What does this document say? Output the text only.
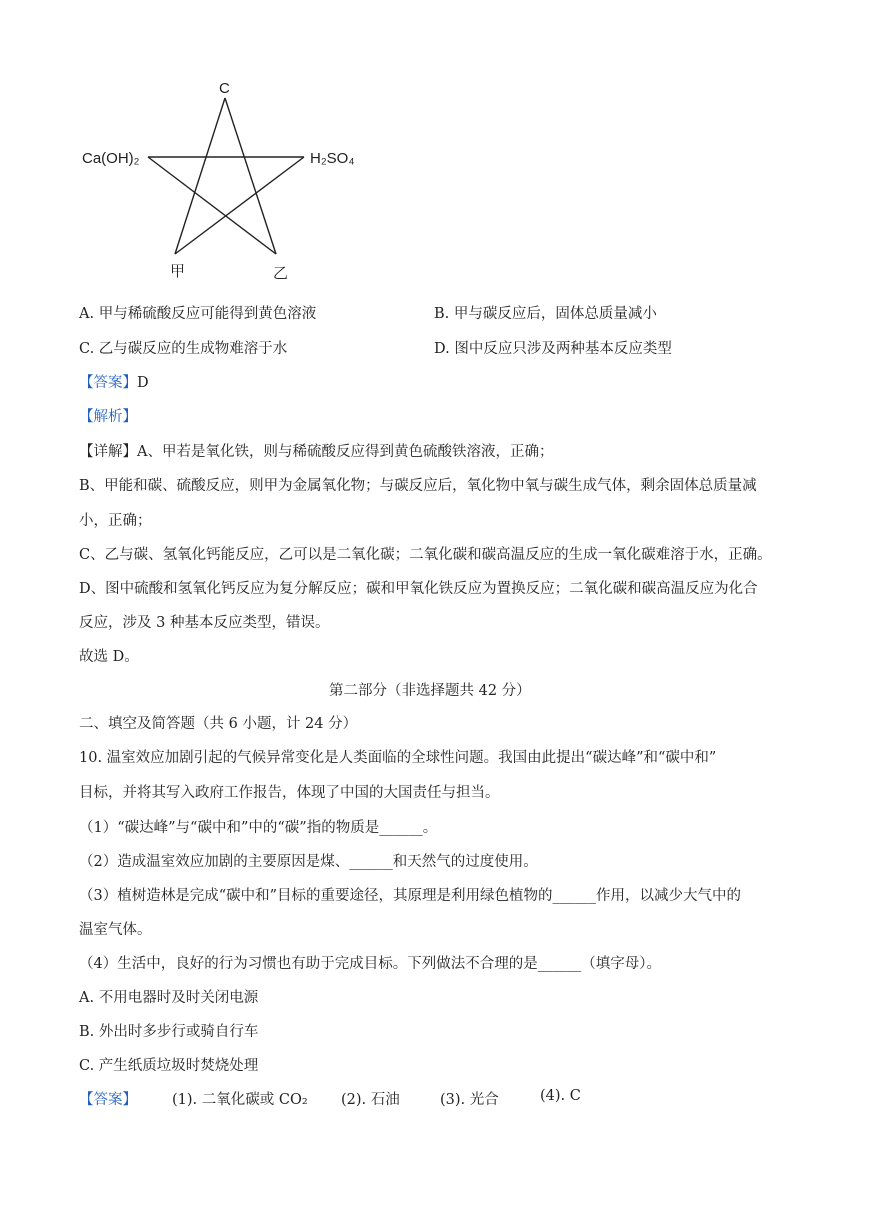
C
Ca(OH)₂	H₂SO₄
甲	乙
A. 甲与稀硫酸反应可能得到黄色溶液	B. 甲与碳反应后，固体总质量减小
C. 乙与碳反应的生成物难溶于水	D. 图中反应只涉及两种基本反应类型
【答案】D
【解析】
【详解】A、甲若是氧化铁，则与稀硫酸反应得到黄色硫酸铁溶液，正确；
B、甲能和碳、硫酸反应，则甲为金属氧化物；与碳反应后，氧化物中氧与碳生成气体，剩余固体总质量减
小，正确；
C、乙与碳、氢氧化钙能反应，乙可以是二氧化碳；二氧化碳和碳高温反应的生成一氧化碳难溶于水，正确。
D、图中硫酸和氢氧化钙反应为复分解反应；碳和甲氧化铁反应为置换反应；二氧化碳和碳高温反应为化合
反应，涉及 3 种基本反应类型，错误。
故选 D。
第二部分（非选择题共 42 分）
二、填空及简答题（共 6 小题，计 24 分）
10. 温室效应加剧引起的气候异常变化是人类面临的全球性问题。我国由此提出“碳达峰”和“碳中和”
目标，并将其写入政府工作报告，体现了中国的大国责任与担当。
（1）“碳达峰”与“碳中和”中的“碳”指的物质是______。
（2）造成温室效应加剧的主要原因是煤、______和天然气的过度使用。
（3）植树造林是完成“碳中和”目标的重要途径，其原理是利用绿色植物的______作用，以减少大气中的
温室气体。
（4）生活中，良好的行为习惯也有助于完成目标。下列做法不合理的是______（填字母）。
A. 不用电器时及时关闭电源
B. 外出时多步行或骑自行车
C. 产生纸质垃圾时焚烧处理
【答案】 (1). 二氧化碳或 CO₂ (2). 石油	(3). 光合	(4). C
